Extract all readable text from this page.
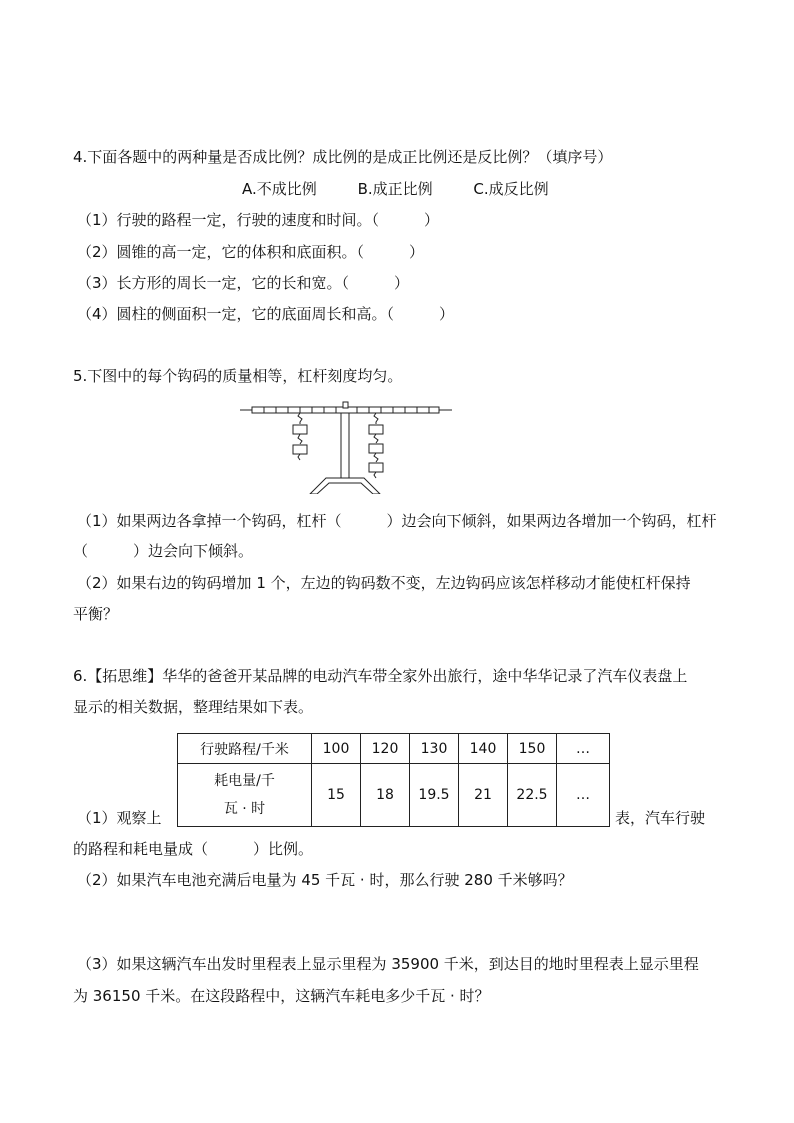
4.下面各题中的两种量是否成比例？成比例的是成正比例还是反比例？（填序号）
A.不成比例	B.成正比例	C.成反比例
（1）行驶的路程一定，行驶的速度和时间。（　　　）
（2）圆锥的高一定，它的体积和底面积。（　　　）
（3）长方形的周长一定，它的长和宽。（　　　）
（4）圆柱的侧面积一定，它的底面周长和高。（　　　）
5.下图中的每个钩码的质量相等，杠杆刻度均匀。
（1）如果两边各拿掉一个钩码，杠杆（　　　）边会向下倾斜，如果两边各增加一个钩码，杠杆
（　　　）边会向下倾斜。
（2）如果右边的钩码增加 1 个，左边的钩码数不变，左边钩码应该怎样移动才能使杠杆保持
平衡？
6.【拓思维】华华的爸爸开某品牌的电动汽车带全家外出旅行，途中华华记录了汽车仪表盘上
显示的相关数据，整理结果如下表。
行驶路程/千米	100	120	130	140	150	…

耗电量/千
瓦 · 时	15	18	19.5	21	22.5	…
（1）观察上	表，汽车行驶
的路程和耗电量成（　　　）比例。
（2）如果汽车电池充满后电量为 45 千瓦 · 时，那么行驶 280 千米够吗？
（3）如果这辆汽车出发时里程表上显示里程为 35900 千米，到达目的地时里程表上显示里程
为 36150 千米。在这段路程中，这辆汽车耗电多少千瓦 · 时？
